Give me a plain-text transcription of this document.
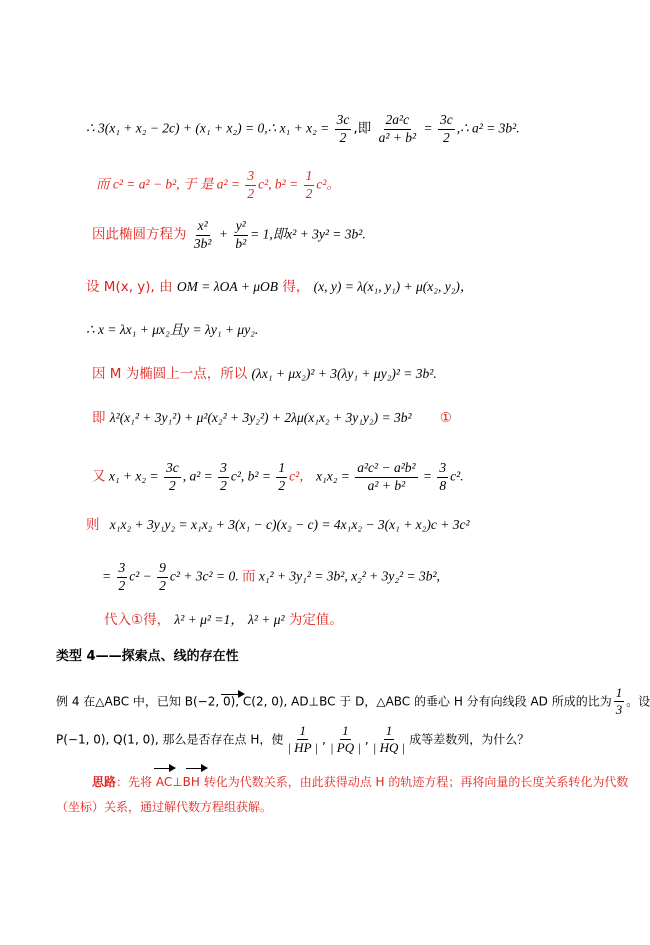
∴ 3(x₁ + x₂ − 2c) + (x₁ + x₂) = 0,∴ $x_1 + x_2 = \frac{3c}{2}$ ,即 $\frac{\text{2a²c}}{\text{a² + b²}} = \frac{3c}{2}$ ,∴ a² = 3b².
而 c² = a² − b², 于 是 $a^2 = \frac{3}{2} c^2$, $b^2 = \frac{1}{2} c^2$。
因此椭圆方程为 $\frac{\text{x²}}{\text{3b²}} + \frac{\text{y²}}{\text{b²}} = 1$,即x² + 3y² = 3b².
设 M(x, y), 由 OM = λOA + μOB 得， (x, y) = λ(x₁, y₁) + μ(x₂, y₂)，
∴ x = λx₁ + μx₂且y = λy₁ + μy₂.
因 M 为椭圆上一点，所以 (λx₁ + μx₂)² + 3(λy₁ + μy₂)² = 3b².
即 λ²(x₁² + 3y₁²) + μ²(x₂² + 3y₂²) + 2λμ(x₁x₂ + 3y₁y₂) = 3b² ①
又 $x_1 + x_2 = \frac{3c}{2}$ , $a^2 = \frac{3}{2} c^2$, $b^2 = \frac{1}{2} c^2$， $x_1x_2 = \frac{\text{a²c² − a²b²}}{\text{a² + b²}} = \frac{3}{8} c^2$.
则 x₁x₂ + 3y₁y₂ = x₁x₂ + 3(x₁ − c)(x₂ − c) = 4x₁x₂ − 3(x₁ + x₂)c + 3c²
= $\frac{3}{2} c^2 - \frac{9}{2} c^2 + 3c^2 = 0$. 而 x₁² + 3y₁² = 3b², x₂² + 3y₂² = 3b²,
代入①得， λ² + μ² =1， λ² + μ² 为定值。
类型 4——探索点、线的存在性
例 4 在△ABC 中，已知 B(−2, 0), C(2, 0), AD⊥BC 于 D，△ABC 的垂心 H 分有向线段 AD 所成的比为 $\frac{1}{3}$ 。设
P(−1, 0), Q(1, 0), 那么是否存在点 H，使 $\frac{1}{| HP |}$ , $\frac{1}{| PQ |}$ , $\frac{1}{| HQ |}$ 成等差数列，为什么？
思路：先将 AC⊥BH 转化为代数关系，由此获得动点 H 的轨迹方程；再将向量的长度关系转化为代数
（坐标）关系，通过解代数方程组获解。
